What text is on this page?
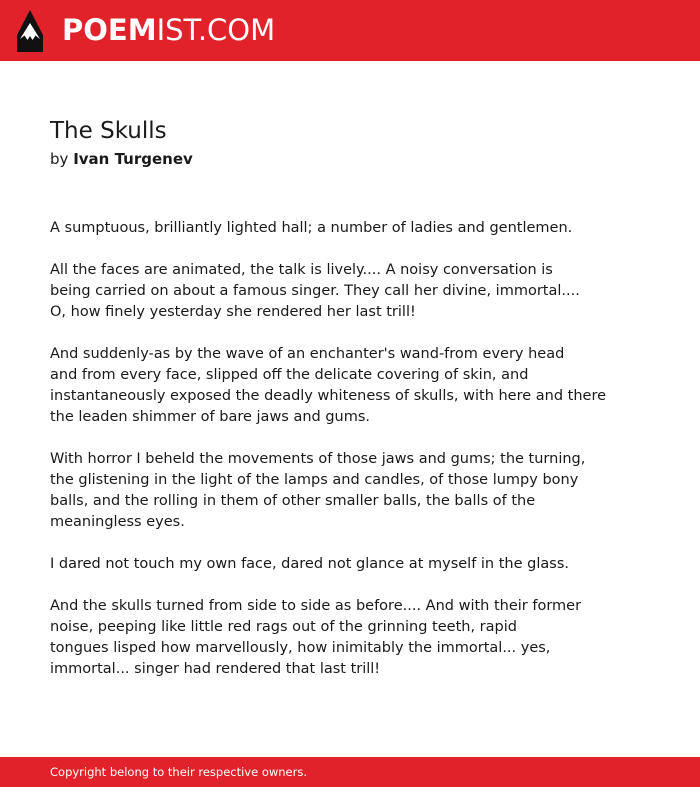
POEMIST.COM
The Skulls
by Ivan Turgenev
A sumptuous, brilliantly lighted hall; a number of ladies and gentlemen.
All the faces are animated, the talk is lively.... A noisy conversation is
being carried on about a famous singer. They call her divine, immortal....
O, how finely yesterday she rendered her last trill!
And suddenly-as by the wave of an enchanter's wand-from every head
and from every face, slipped off the delicate covering of skin, and
instantaneously exposed the deadly whiteness of skulls, with here and there
the leaden shimmer of bare jaws and gums.
With horror I beheld the movements of those jaws and gums; the turning,
the glistening in the light of the lamps and candles, of those lumpy bony
balls, and the rolling in them of other smaller balls, the balls of the
meaningless eyes.
I dared not touch my own face, dared not glance at myself in the glass.
And the skulls turned from side to side as before.... And with their former
noise, peeping like little red rags out of the grinning teeth, rapid
tongues lisped how marvellously, how inimitably the immortal... yes,
immortal... singer had rendered that last trill!
Copyright belong to their respective owners.
